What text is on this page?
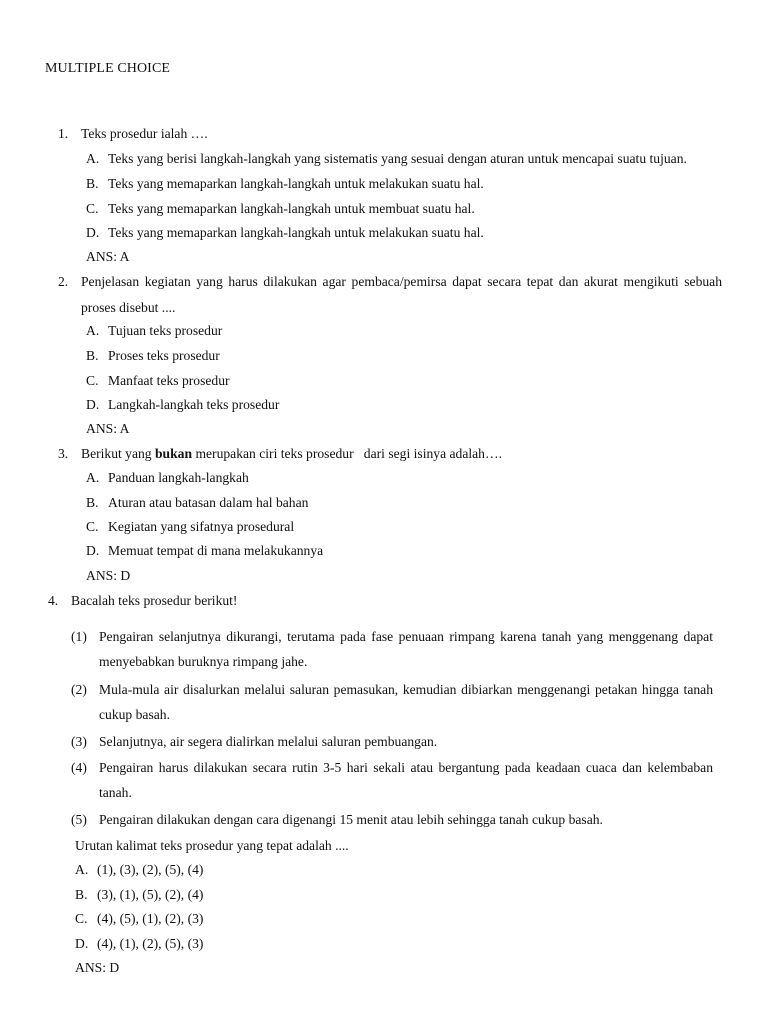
MULTIPLE CHOICE
1. Teks prosedur ialah ….
A. Teks yang berisi langkah-langkah yang sistematis yang sesuai dengan aturan untuk mencapai suatu tujuan.
B. Teks yang memaparkan langkah-langkah untuk melakukan suatu hal.
C. Teks yang memaparkan langkah-langkah untuk membuat suatu hal.
D. Teks yang memaparkan langkah-langkah untuk melakukan suatu hal.
ANS: A
2. Penjelasan kegiatan yang harus dilakukan agar pembaca/pemirsa dapat secara tepat dan akurat mengikuti sebuah
proses disebut ....
A. Tujuan teks prosedur
B. Proses teks prosedur
C. Manfaat teks prosedur
D. Langkah-langkah teks prosedur
ANS: A
3. Berikut yang bukan merupakan ciri teks prosedur   dari segi isinya adalah….
A. Panduan langkah-langkah
B. Aturan atau batasan dalam hal bahan
C. Kegiatan yang sifatnya prosedural
D. Memuat tempat di mana melakukannya
ANS: D
4. Bacalah teks prosedur berikut!
(1) Pengairan selanjutnya dikurangi, terutama pada fase penuaan rimpang karena tanah yang menggenang dapat
menyebabkan buruknya rimpang jahe.
(2) Mula-mula air disalurkan melalui saluran pemasukan, kemudian dibiarkan menggenangi petakan hingga tanah
cukup basah.
(3) Selanjutnya, air segera dialirkan melalui saluran pembuangan.
(4) Pengairan harus dilakukan secara rutin 3-5 hari sekali atau bergantung pada keadaan cuaca dan kelembaban
tanah.
(5) Pengairan dilakukan dengan cara digenangi 15 menit atau lebih sehingga tanah cukup basah.
Urutan kalimat teks prosedur yang tepat adalah ....
A. (1), (3), (2), (5), (4)
B. (3), (1), (5), (2), (4)
C. (4), (5), (1), (2), (3)
D. (4), (1), (2), (5), (3)
ANS: D
